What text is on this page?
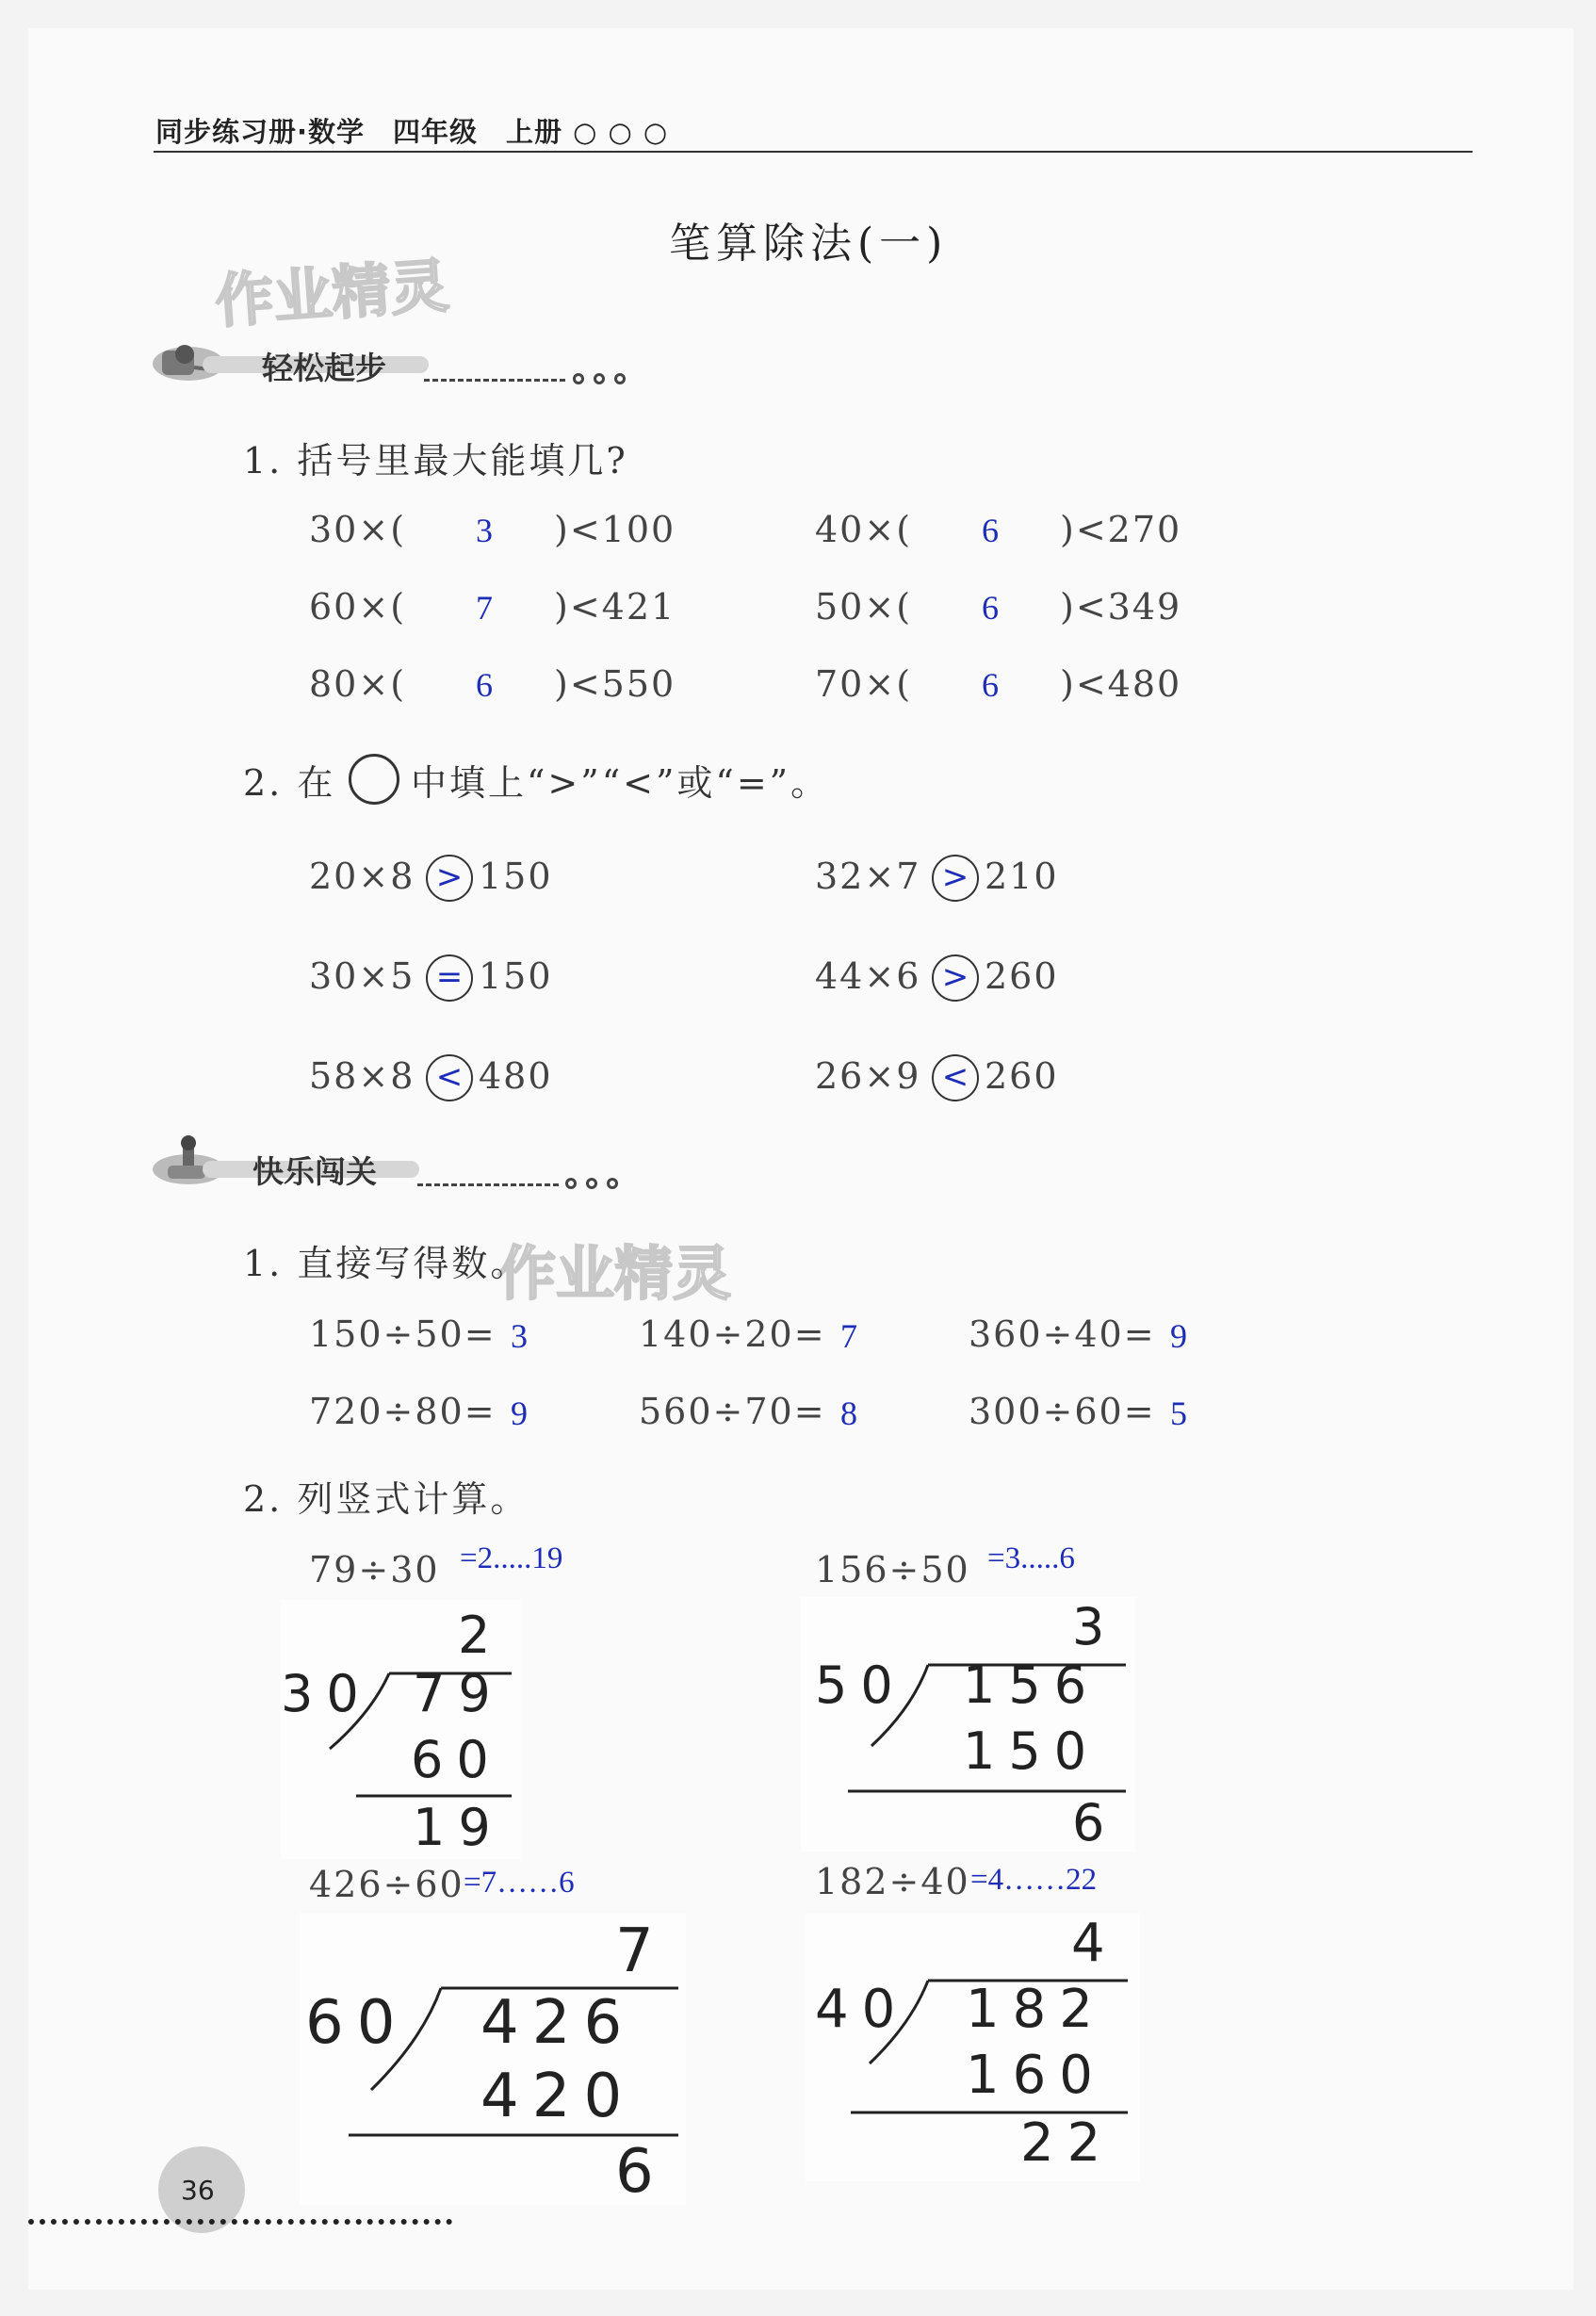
同步练习册·数学　四年级　上册 ○ ○ ○
笔算除法(一)
作业精灵
作业精灵
轻松起步
1. 括号里最大能填几?
30×( 3 )<100	40×( 6 )<270
60×( 7 )<421	50×( 6 )<349
80×( 6 )<550	70×( 6 )<480
2. 在 中填上“>”“<”或“=”。
20×8 > 150	32×7 > 210
30×5 = 150	44×6 > 260
58×8 < 480	26×9 < 260
快乐闯关
1. 直接写得数。
150÷50= 3	140÷20= 7	360÷40= 9
720÷80= 9	560÷70= 8	300÷60= 5
2. 列竖式计算。
79÷30 =2.....19
2
30 79
60
19
156÷50 =3.....6
3
50 156
150
6
426÷60 =7……6
7
60 426
420
6
182÷40 =4……22
4
40 182
160
22
36
